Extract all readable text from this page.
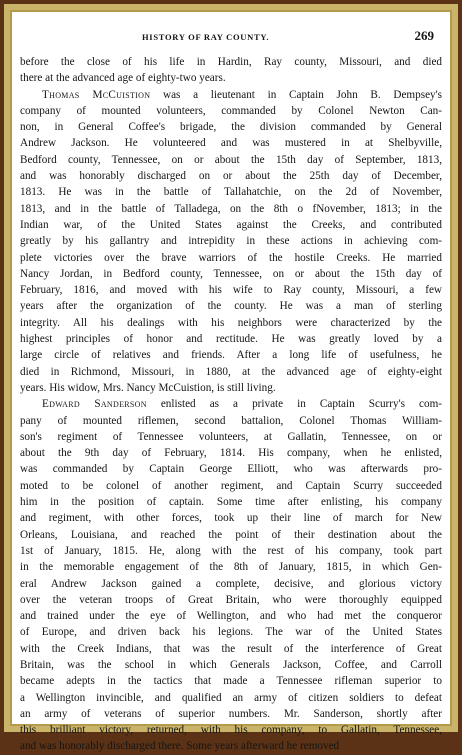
HISTORY OF RAY COUNTY.	269
before the close of his life in Hardin, Ray county, Missouri, and died
there at the advanced age of eighty-two years.
Thomas McCuistion was a lieutenant in Captain John B. Dempsey's
company of mounted volunteers, commanded by Colonel Newton Can-
non, in General Coffee's brigade, the division commanded by General
Andrew Jackson. He volunteered and was mustered in at Shelbyville,
Bedford county, Tennessee, on or about the 15th day of September, 1813,
and was honorably discharged on or about the 25th day of December,
1813. He was in the battle of Tallahatchie, on the 2d of November,
1813, and in the battle of Talladega, on the 8th o fNovember, 1813; in the
Indian war, of the United States against the Creeks, and contributed
greatly by his gallantry and intrepidity in these actions in achieving com-
plete victories over the brave warriors of the hostile Creeks. He married
Nancy Jordan, in Bedford county, Tennessee, on or about the 15th day of
February, 1816, and moved with his wife to Ray county, Missouri, a few
years after the organization of the county. He was a man of sterling
integrity. All his dealings with his neighbors were characterized by the
highest principles of honor and rectitude. He was greatly loved by a
large circle of relatives and friends. After a long life of usefulness, he
died in Richmond, Missouri, in 1880, at the advanced age of eighty-eight
years. His widow, Mrs. Nancy McCuistion, is still living.
Edward Sanderson enlisted as a private in Captain Scurry's com-
pany of mounted riflemen, second battalion, Colonel Thomas William-
son's regiment of Tennessee volunteers, at Gallatin, Tennessee, on or
about the 9th day of February, 1814. His company, when he enlisted,
was commanded by Captain George Elliott, who was afterwards pro-
moted to be colonel of another regiment, and Captain Scurry succeeded
him in the position of captain. Some time after enlisting, his company
and regiment, with other forces, took up their line of march for New
Orleans, Louisiana, and reached the point of their destination about the
1st of January, 1815. He, along with the rest of his company, took part
in the memorable engagement of the 8th of January, 1815, in which Gen-
eral Andrew Jackson gained a complete, decisive, and glorious victory
over the veteran troops of Great Britain, who were thoroughly equipped
and trained under the eye of Wellington, and who had met the conqueror
of Europe, and driven back his legions. The war of the United States
with the Creek Indians, that was the result of the interference of Great
Britain, was the school in which Generals Jackson, Coffee, and Carroll
became adepts in the tactics that made a Tennessee rifleman superior to
a Wellington invincible, and qualified an army of citizen soldiers to defeat
an army of veterans of superior numbers. Mr. Sanderson, shortly after
this brilliant victory, returned, with his company, to Gallatin, Tennessee,
and was honorably discharged there. Some years afterward he removed
